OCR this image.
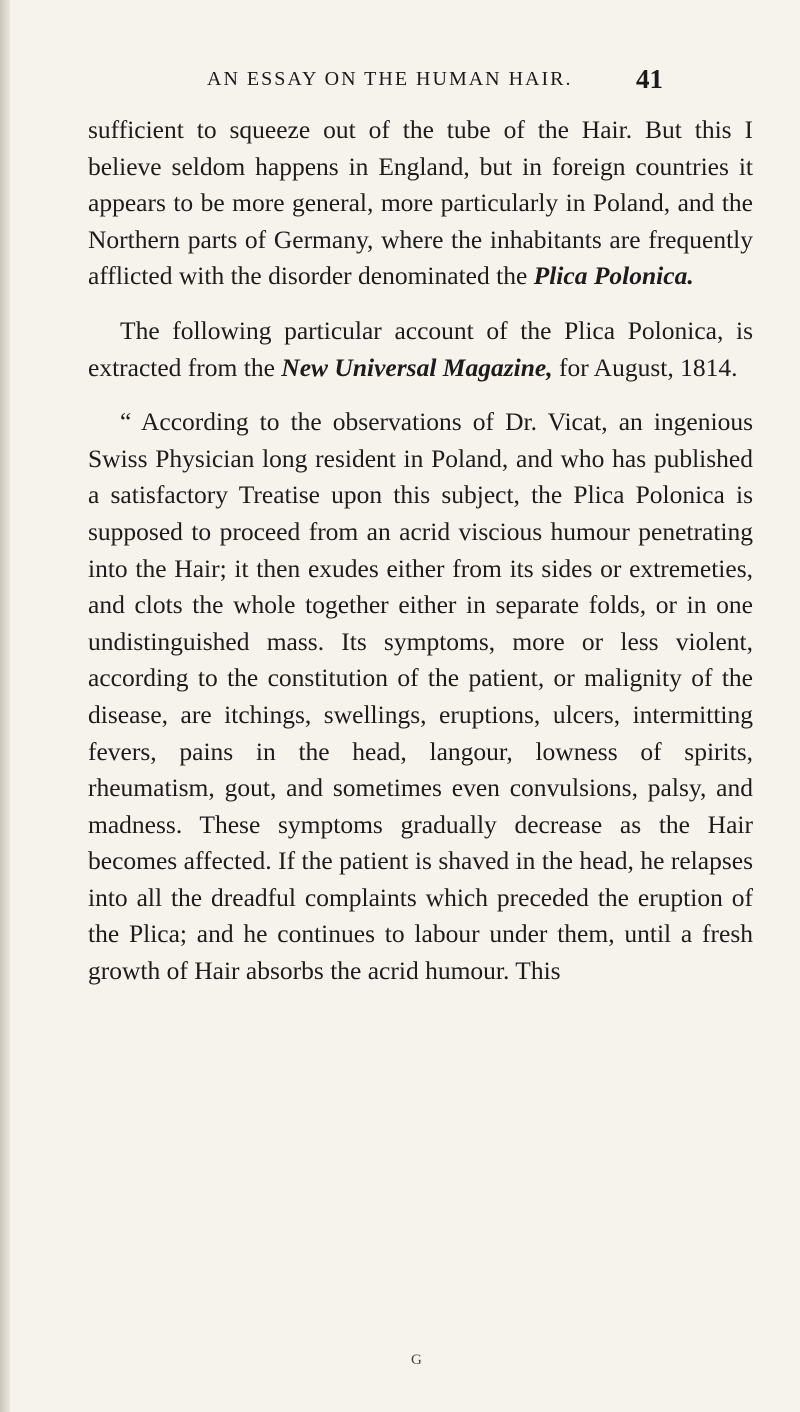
AN ESSAY ON THE HUMAN HAIR. 41

sufficient to squeeze out of the tube of the Hair. But this I believe seldom happens in England, but in foreign countries it appears to be more general, more particularly in Poland, and the Northern parts of Germany, where the inhabitants are frequently afflicted with the disorder denominated the Plica Polonica.

The following particular account of the Plica Polonica, is extracted from the New Universal Magazine, for August, 1814.

“ According to the observations of Dr. Vicat, an ingenious Swiss Physician long resident in Poland, and who has published a satisfactory Treatise upon this subject, the Plica Polonica is supposed to proceed from an acrid viscious humour penetrating into the Hair; it then exudes either from its sides or extremeties, and clots the whole together either in separate folds, or in one undistinguished mass. Its symptoms, more or less violent, according to the constitution of the patient, or malignity of the disease, are itchings, swellings, eruptions, ulcers, intermitting fevers, pains in the head, langour, lowness of spirits, rheumatism, gout, and sometimes even convulsions, palsy, and madness. These symptoms gradually decrease as the Hair becomes affected. If the patient is shaved in the head, he relapses into all the dreadful complaints which preceded the eruption of the Plica; and he continues to labour under them, until a fresh growth of Hair absorbs the acrid humour. This

G
